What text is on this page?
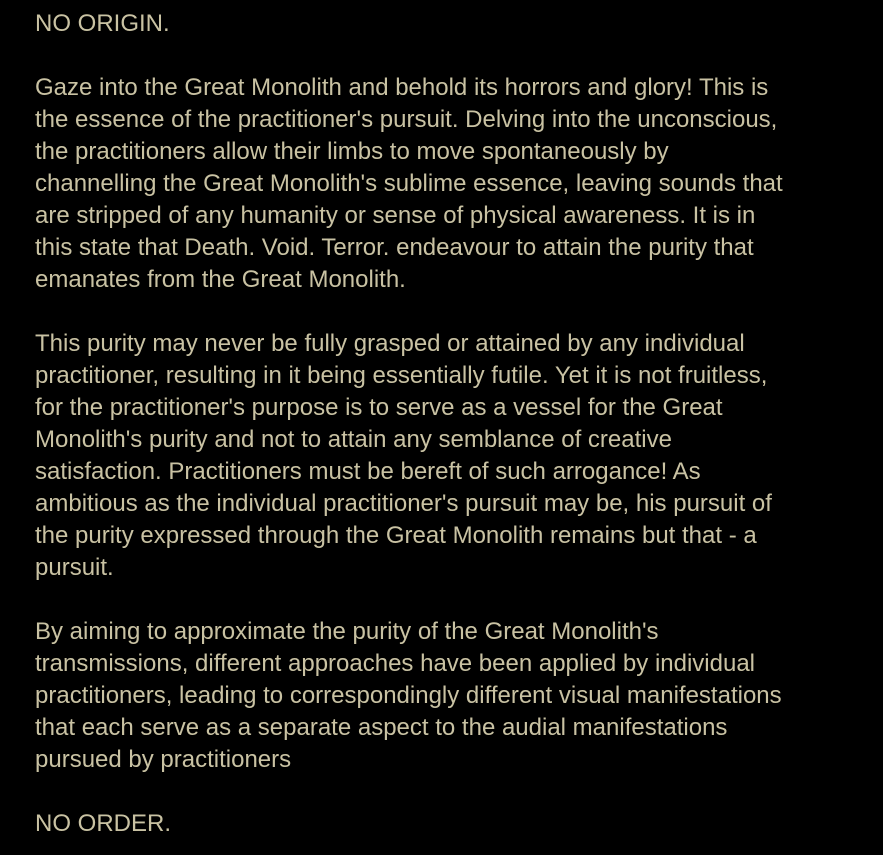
NO ORIGIN.

Gaze into the Great Monolith and behold its horrors and glory! This is
the essence of the practitioner's pursuit. Delving into the unconscious,
the practitioners allow their limbs to move spontaneously by
channelling the Great Monolith's sublime essence, leaving sounds that
are stripped of any humanity or sense of physical awareness. It is in
this state that Death. Void. Terror. endeavour to attain the purity that
emanates from the Great Monolith.

This purity may never be fully grasped or attained by any individual
practitioner, resulting in it being essentially futile. Yet it is not fruitless,
for the practitioner's purpose is to serve as a vessel for the Great
Monolith's purity and not to attain any semblance of creative
satisfaction. Practitioners must be bereft of such arrogance! As
ambitious as the individual practitioner's pursuit may be, his pursuit of
the purity expressed through the Great Monolith remains but that - a
pursuit.

By aiming to approximate the purity of the Great Monolith's
transmissions, different approaches have been applied by individual
practitioners, leading to correspondingly different visual manifestations
that each serve as a separate aspect to the audial manifestations
pursued by practitioners

NO ORDER.
